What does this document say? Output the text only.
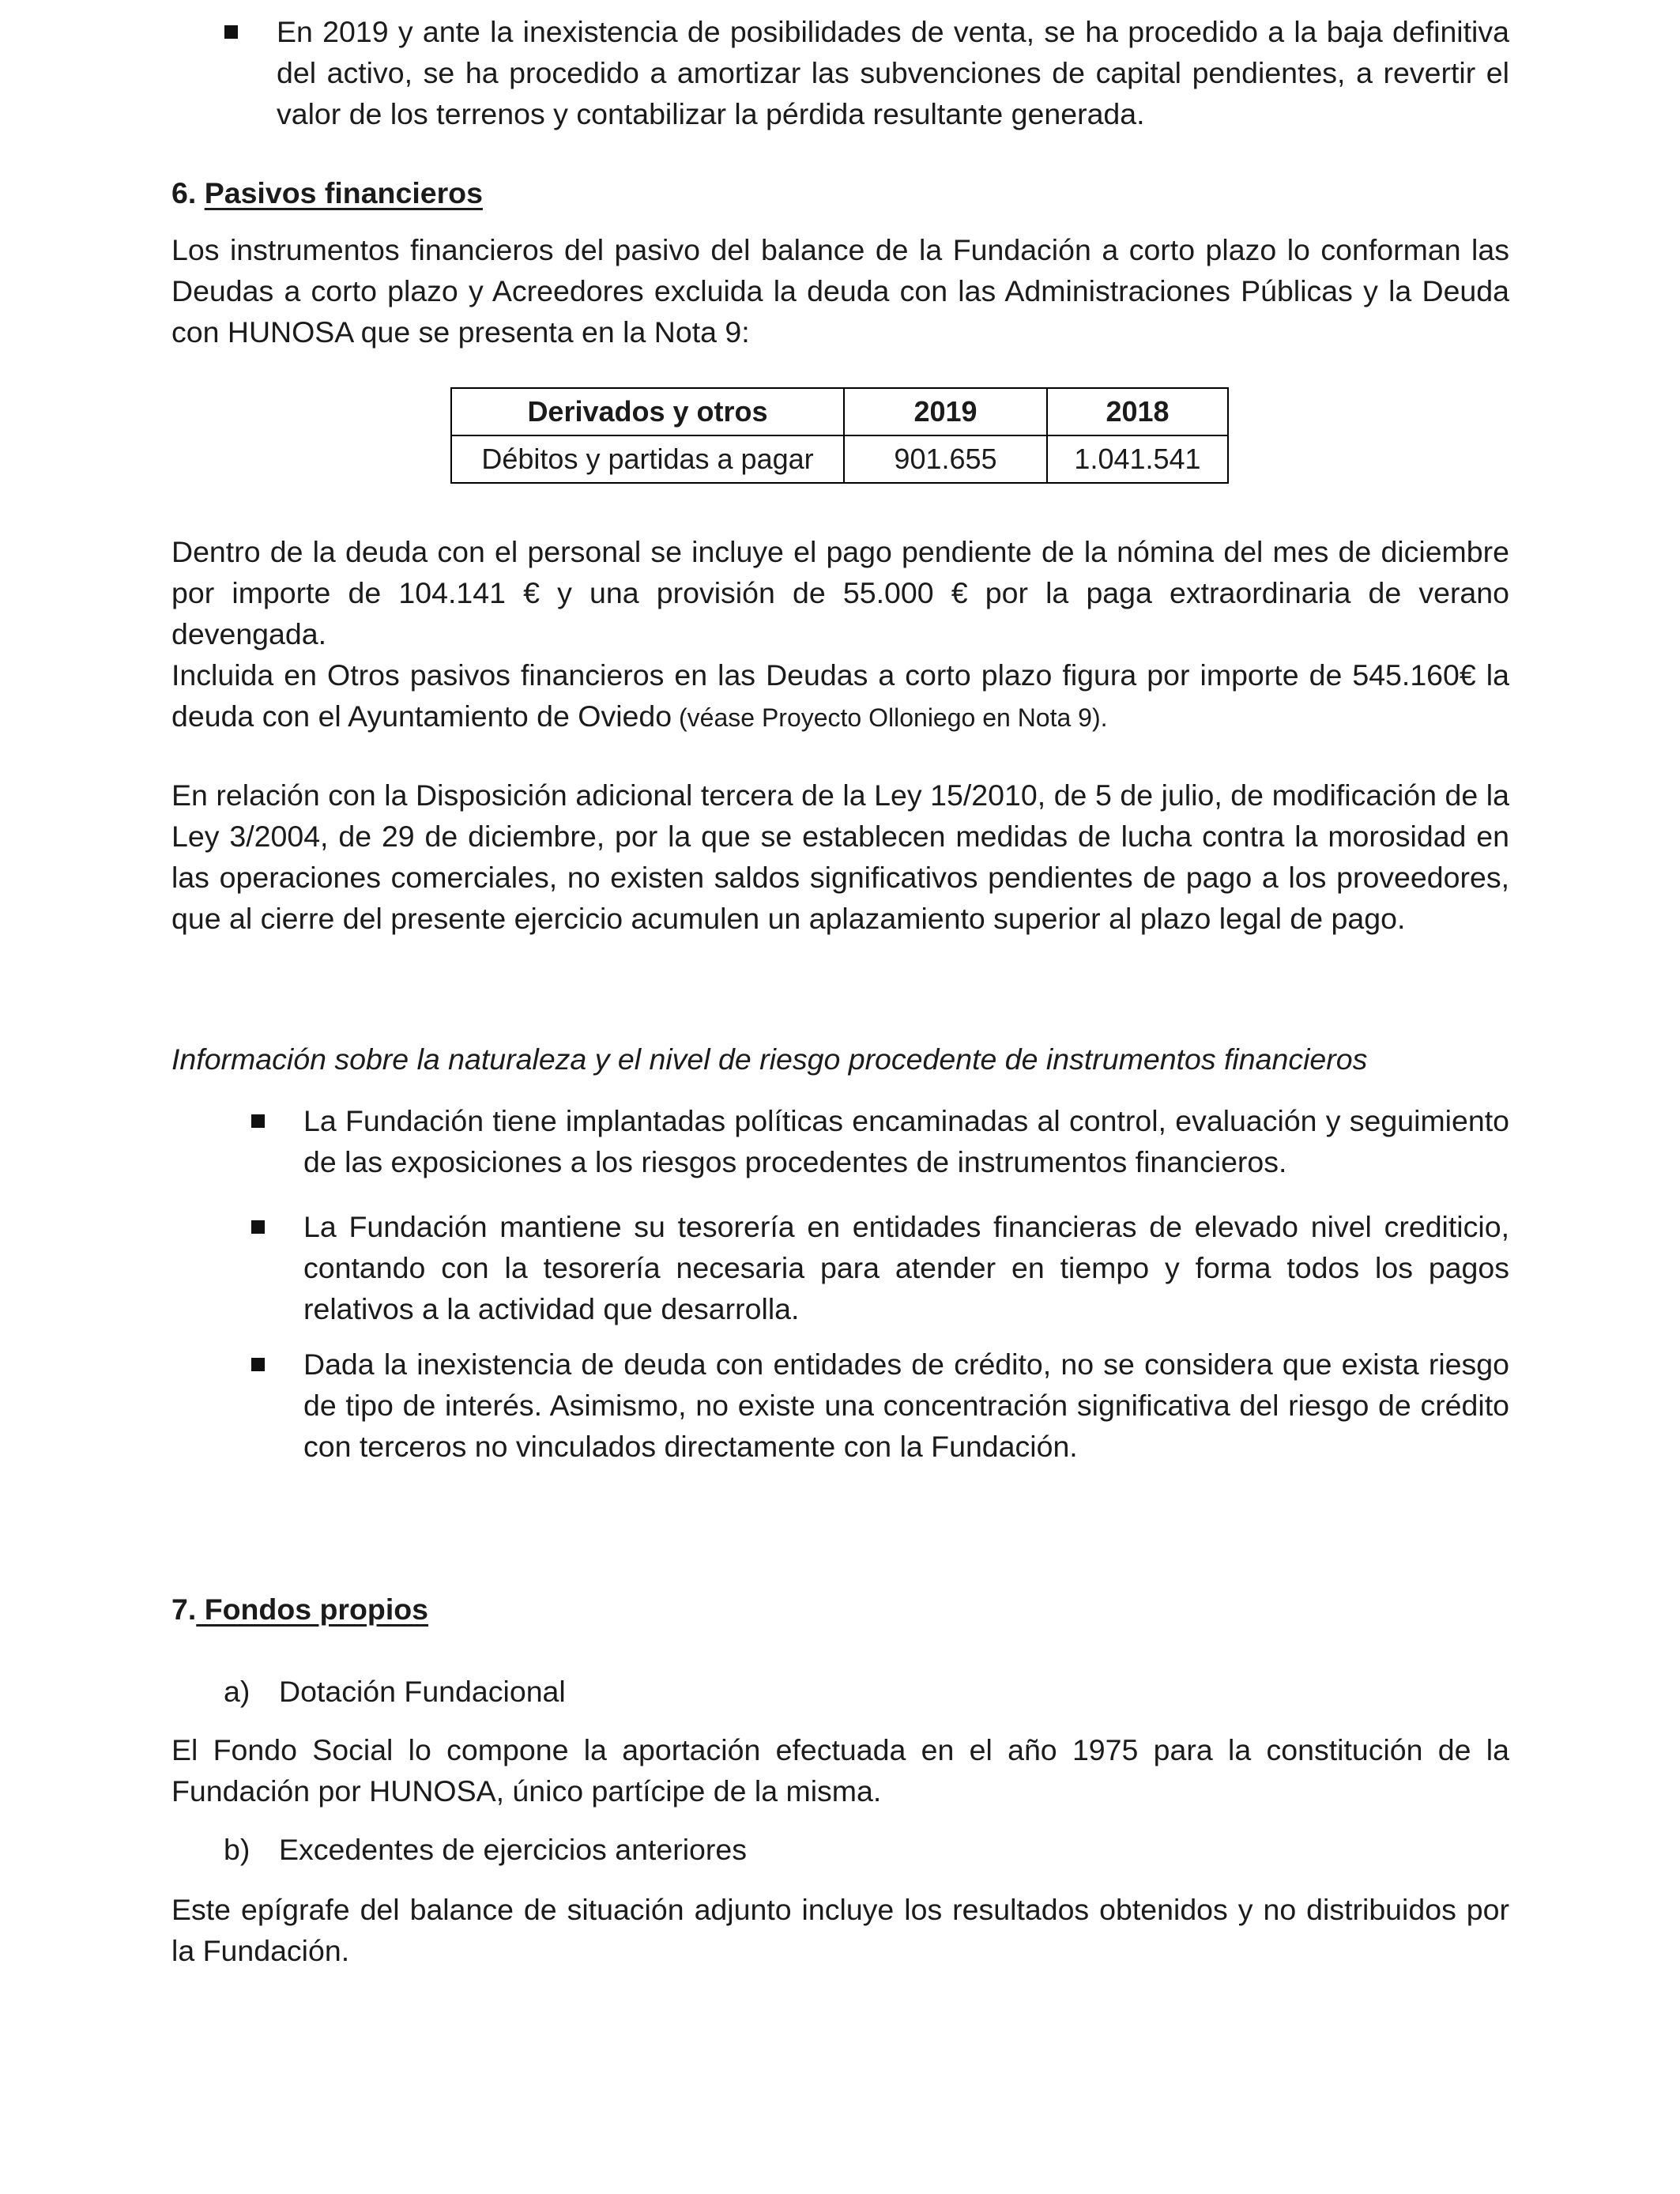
En 2019 y ante la inexistencia de posibilidades de venta, se ha procedido a la baja definitiva del activo, se ha procedido a amortizar las subvenciones de capital pendientes, a revertir el valor de los terrenos y contabilizar la pérdida resultante generada.
6. Pasivos financieros
Los instrumentos financieros del pasivo del balance de la Fundación a corto plazo lo conforman las Deudas a corto plazo y Acreedores excluida la deuda con las Administraciones Públicas y la Deuda con HUNOSA que se presenta en la Nota 9:
Derivados y otros	2019	2018
Débitos y partidas a pagar	901.655	1.041.541
Dentro de la deuda con el personal se incluye el pago pendiente de la nómina del mes de diciembre por importe de 104.141 € y una provisión de 55.000 € por la paga extraordinaria de verano devengada.
Incluida en Otros pasivos financieros en las Deudas a corto plazo figura por importe de 545.160€ la deuda con el Ayuntamiento de Oviedo (véase Proyecto Olloniego en Nota 9).
En relación con la Disposición adicional tercera de la Ley 15/2010, de 5 de julio, de modificación de la Ley 3/2004, de 29 de diciembre, por la que se establecen medidas de lucha contra la morosidad en las operaciones comerciales, no existen saldos significativos pendientes de pago a los proveedores, que al cierre del presente ejercicio acumulen un aplazamiento superior al plazo legal de pago.
Información sobre la naturaleza y el nivel de riesgo procedente de instrumentos financieros
La Fundación tiene implantadas políticas encaminadas al control, evaluación y seguimiento de las exposiciones a los riesgos procedentes de instrumentos financieros.
La Fundación mantiene su tesorería en entidades financieras de elevado nivel crediticio, contando con la tesorería necesaria para atender en tiempo y forma todos los pagos relativos a la actividad que desarrolla.
Dada la inexistencia de deuda con entidades de crédito, no se considera que exista riesgo de tipo de interés. Asimismo, no existe una concentración significativa del riesgo de crédito con terceros no vinculados directamente con la Fundación.
7. Fondos propios
a) Dotación Fundacional
El Fondo Social lo compone la aportación efectuada en el año 1975 para la constitución de la Fundación por HUNOSA, único partícipe de la misma.
b) Excedentes de ejercicios anteriores
Este epígrafe del balance de situación adjunto incluye los resultados obtenidos y no distribuidos por la Fundación.
